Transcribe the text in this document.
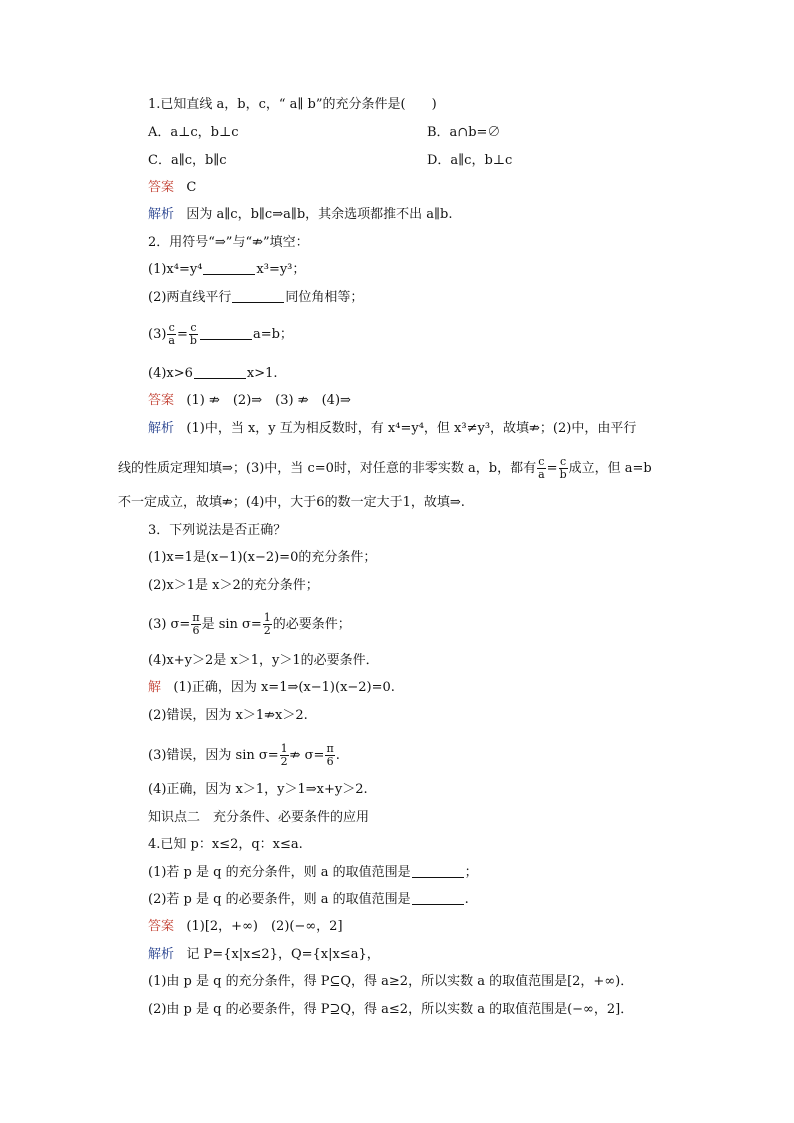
1.已知直线 a，b，c，“ a∥ b”的充分条件是(　　)
A．a⊥c，b⊥c	B．a∩b=∅
C．a∥c，b∥c	D．a∥c，b⊥c
答案 C
解析 因为 a∥c，b∥c⇒a∥b，其余选项都推不出 a∥b.
2．用符号“⇒”与“⇏”填空：
(1)x⁴=y⁴	x³=y³；
(2)两直线平行	同位角相等；
$(3) \frac{c}{a} = \frac{c}{b}$	a=b；
(4)x>6	x>1.
答案 (1) ⇏　(2)⇒　(3) ⇏　(4)⇒
解析 (1)中，当 x，y 互为相反数时，有 x⁴=y⁴，但 x³≠y³，故填⇏；(2)中，由平行
线的性质定理知填⇒；(3)中，当 c=0时，对任意的非零实数 a，b，都有 $\frac{c}{a} = \frac{c}{b}$ 成立，但 a=b
不一定成立，故填⇏；(4)中，大于6的数一定大于1，故填⇒.
3．下列说法是否正确？
(1)x=1是(x−1)(x−2)=0的充分条件；
(2)x＞1是 x＞2的充分条件；
(3) $\sigma= \frac{\pi}{6}$ 是 $\sin \sigma= \frac{1}{2}$ 的必要条件；
(4)x+y＞2是 x＞1，y＞1的必要条件．
解 (1)正确，因为 x=1⇒(x−1)(x−2)=0.
(2)错误，因为 x＞1⇏x＞2.
(3)错误，因为 $\sin \sigma= \frac{1}{2}$ ⇏ $\sigma= \frac{\pi}{6}$ .
(4)正确，因为 x＞1，y＞1⇒x+y＞2.
知识点二　充分条件、必要条件的应用
4.已知 p：x≤2，q：x≤a.
(1)若 p 是 q 的充分条件，则 a 的取值范围是	；
(2)若 p 是 q 的必要条件，则 a 的取值范围是	.
答案 (1)[2，+∞)　(2)(−∞，2]
解析 记 P={x|x≤2}，Q={x|x≤a}，
(1)由 p 是 q 的充分条件，得 P⊆Q，得 a≥2，所以实数 a 的取值范围是[2，+∞)．
(2)由 p 是 q 的必要条件，得 P⊇Q，得 a≤2，所以实数 a 的取值范围是(−∞，2]．
